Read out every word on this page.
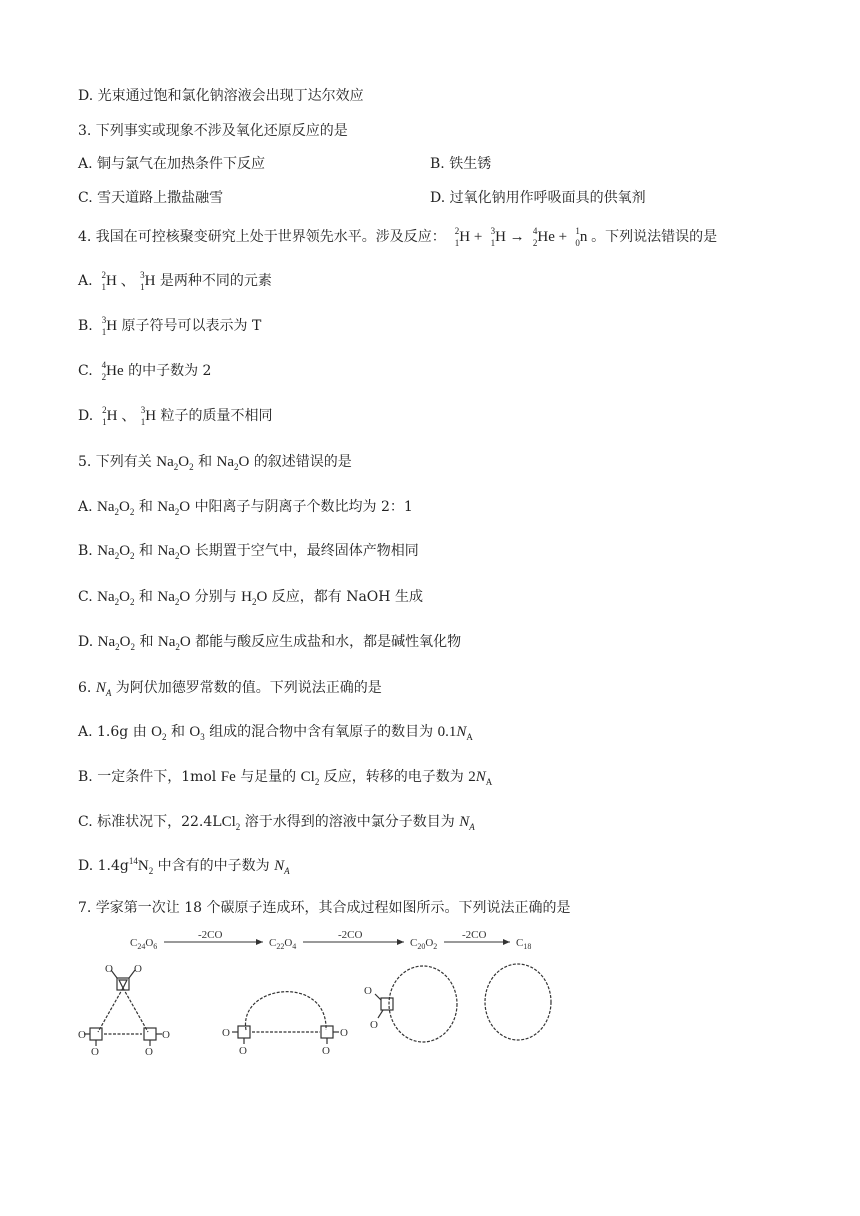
D. 光束通过饱和氯化钠溶液会出现丁达尔效应
3. 下列事实或现象不涉及氧化还原反应的是
A. 铜与氯气在加热条件下反应	B. 铁生锈
C. 雪天道路上撒盐融雪	D. 过氧化钠用作呼吸面具的供氧剂
4. 我国在可控核聚变研究上处于世界领先水平。涉及反应： 2
1 H + 3
1 H → 4
2 He + 1
0 n 。下列说法错误的是
A. 2
1 H 、 3
1 H 是两种不同的元素
B. 3
1 H 原子符号可以表示为 T
C. 4
2 He 的中子数为 2
D. 2
1 H 、 3
1 H 粒子的质量不相同
5. 下列有关 $Na_2O_2$ 和 $Na_2O$ 的叙述错误的是
A. $Na_2O_2$ 和 $Na_2O$ 中阳离子与阴离子个数比均为 2：1
B. $Na_2O_2$ 和 $Na_2O$ 长期置于空气中，最终固体产物相同
C. $Na_2O_2$ 和 $Na_2O$ 分别与 $H_2O$ 反应，都有 NaOH 生成
D. $Na_2O_2$ 和 $Na_2O$ 都能与酸反应生成盐和水，都是碱性氧化物
6. $N_A$ 为阿伏加德罗常数的值。下列说法正确的是
A. 1.6g 由 $O_2$ 和 $O_3$ 组成的混合物中含有氧原子的数目为 $0.1N_A$
B. 一定条件下，1mol Fe 与足量的 $Cl_2$ 反应，转移的电子数为 $2N_A$
C. 标准状况下，22.4LCl$_2$ 溶于水得到的溶液中氯分子数目为 $N_A$
D. $1.4g^{14}N_2$ 中含有的中子数为 $N_A$
7. 学家第一次让 18 个碳原子连成环，其合成过程如图所示。下列说法正确的是
$C_{24}O_6$
-2CO
$C_{22}O_4$
-2CO
$C_{20}O_2$
-2CO
$C_{18}$
O O
O
O
O
O
O
O
O
O
O
O
